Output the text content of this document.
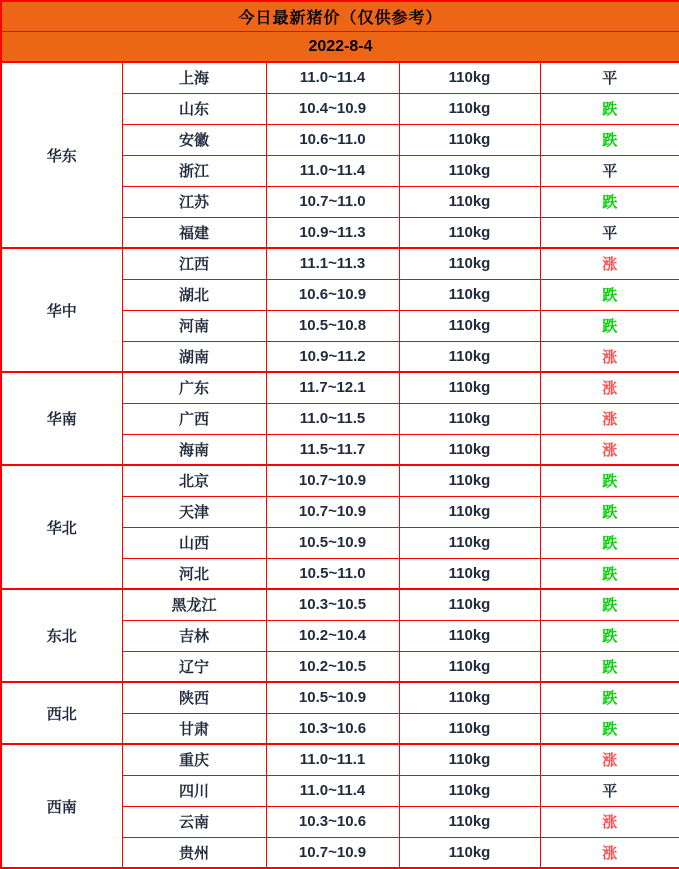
今日最新猪价（仅供参考）				
2022-8-4				
华东	上海	11.0~11.4	110kg	平
	山东	10.4~10.9	110kg	跌
	安徽	10.6~11.0	110kg	跌
	浙江	11.0~11.4	110kg	平
	江苏	10.7~11.0	110kg	跌
	福建	10.9~11.3	110kg	平
华中	江西	11.1~11.3	110kg	涨
	湖北	10.6~10.9	110kg	跌
	河南	10.5~10.8	110kg	跌
	湖南	10.9~11.2	110kg	涨
华南	广东	11.7~12.1	110kg	涨
	广西	11.0~11.5	110kg	涨
	海南	11.5~11.7	110kg	涨
华北	北京	10.7~10.9	110kg	跌
	天津	10.7~10.9	110kg	跌
	山西	10.5~10.9	110kg	跌
	河北	10.5~11.0	110kg	跌
东北	黑龙江	10.3~10.5	110kg	跌
	吉林	10.2~10.4	110kg	跌
	辽宁	10.2~10.5	110kg	跌
西北	陕西	10.5~10.9	110kg	跌
	甘肃	10.3~10.6	110kg	跌
西南	重庆	11.0~11.1	110kg	涨
	四川	11.0~11.4	110kg	平
	云南	10.3~10.6	110kg	涨
	贵州	10.7~10.9	110kg	涨
